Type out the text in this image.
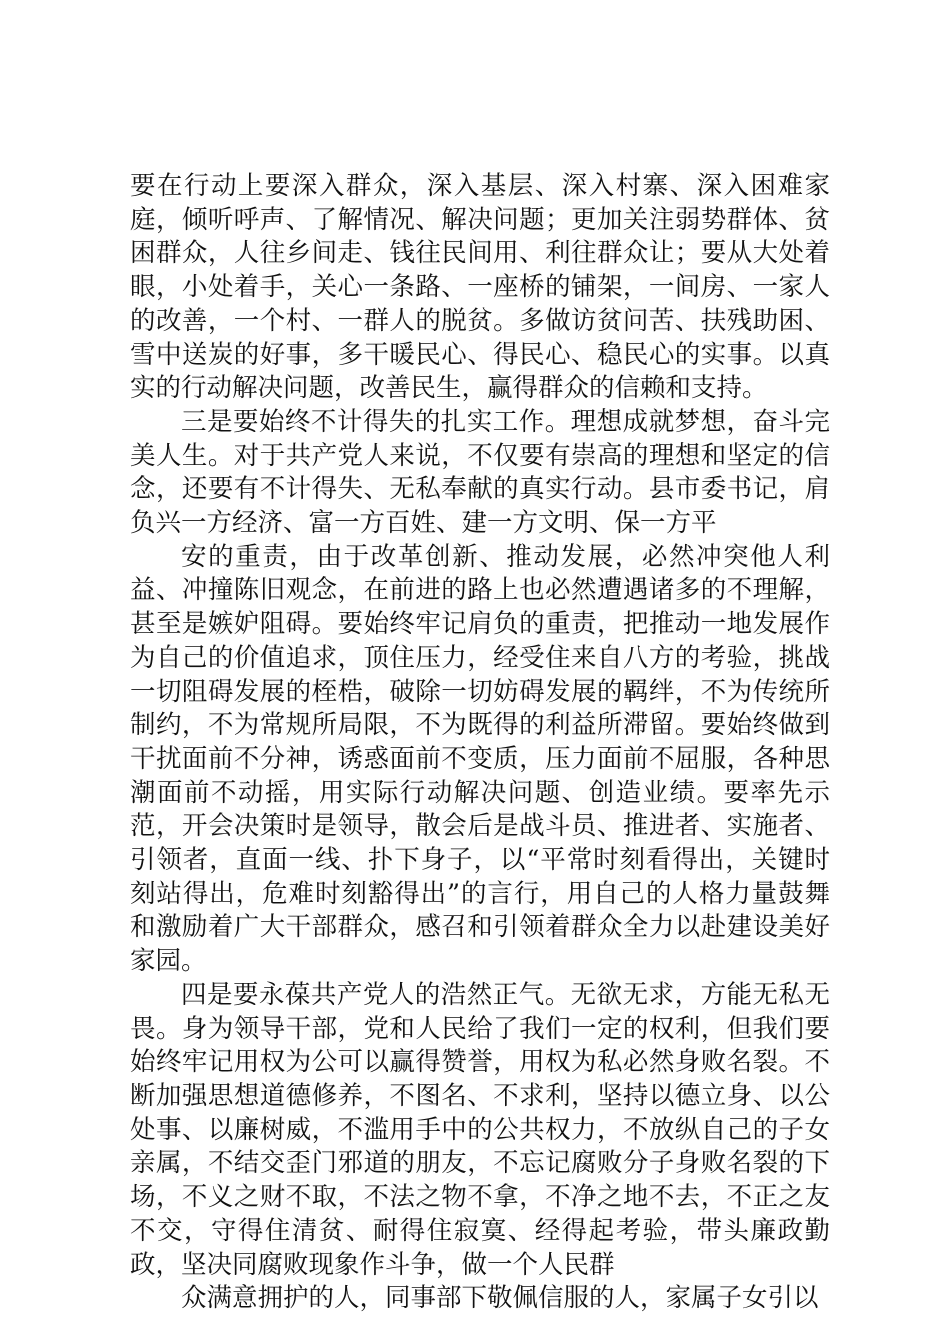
要在行动上要深入群众，深入基层、深入村寨、深入困难家庭，倾听呼声、了解情况、解决问题；更加关注弱势群体、贫困群众，人往乡间走、钱往民间用、利往群众让；要从大处着眼，小处着手，关心一条路、一座桥的铺架，一间房、一家人的改善，一个村、一群人的脱贫。多做访贫问苦、扶残助困、雪中送炭的好事，多干暖民心、得民心、稳民心的实事。以真实的行动解决问题，改善民生，赢得群众的信赖和支持。

三是要始终不计得失的扎实工作。理想成就梦想，奋斗完美人生。对于共产党人来说，不仅要有崇高的理想和坚定的信念，还要有不计得失、无私奉献的真实行动。县市委书记，肩负兴一方经济、富一方百姓、建一方文明、保一方平

安的重责，由于改革创新、推动发展，必然冲突他人利益、冲撞陈旧观念，在前进的路上也必然遭遇诸多的不理解，甚至是嫉妒阻碍。要始终牢记肩负的重责，把推动一地发展作为自己的价值追求，顶住压力，经受住来自八方的考验，挑战一切阻碍发展的桎梏，破除一切妨碍发展的羁绊，不为传统所制约，不为常规所局限，不为既得的利益所滞留。要始终做到干扰面前不分神，诱惑面前不变质，压力面前不屈服，各种思潮面前不动摇，用实际行动解决问题、创造业绩。要率先示范，开会决策时是领导，散会后是战斗员、推进者、实施者、引领者，直面一线、扑下身子，以“平常时刻看得出，关键时刻站得出，危难时刻豁得出”的言行，用自己的人格力量鼓舞和激励着广大干部群众，感召和引领着群众全力以赴建设美好家园。

四是要永葆共产党人的浩然正气。无欲无求，方能无私无畏。身为领导干部，党和人民给了我们一定的权利，但我们要始终牢记用权为公可以赢得赞誉，用权为私必然身败名裂。不断加强思想道德修养，不图名、不求利，坚持以德立身、以公处事、以廉树威，不滥用手中的公共权力，不放纵自己的子女亲属，不结交歪门邪道的朋友，不忘记腐败分子身败名裂的下场，不义之财不取，不法之物不拿，不净之地不去，不正之友不交，守得住清贫、耐得住寂寞、经得起考验，带头廉政勤政，坚决同腐败现象作斗争，做一个人民群

众满意拥护的人，同事部下敬佩信服的人，家属子女引以
